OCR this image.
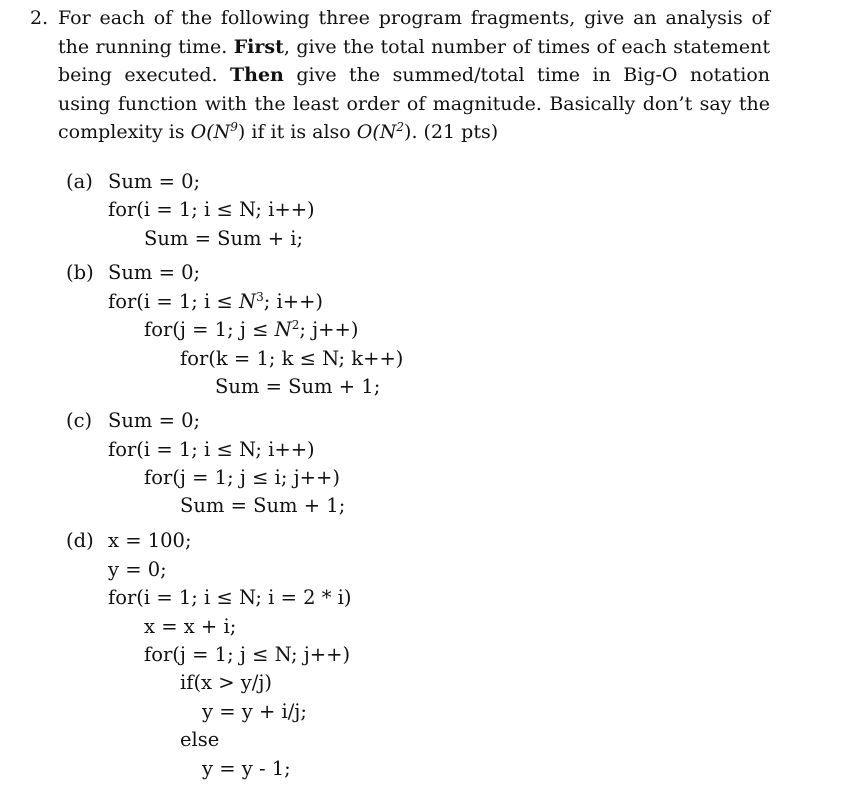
2. For each of the following three program fragments, give an analysis of the running time. First, give the total number of times of each statement being executed. Then give the summed/total time in Big-O notation using function with the least order of magnitude. Basically don’t say the complexity is $O(N^9)$ if it is also $O(N^2)$. (21 pts)
(a) Sum = 0;
for(i = 1; i ≤ N; i++)
Sum = Sum + i;
(b) Sum = 0;
for(i = 1; $i \le N^3$; i++)
for(j = 1; $j \le N^2$; j++)
for(k = 1; k ≤ N; k++)
Sum = Sum + 1;
(c) Sum = 0;
for(i = 1; i ≤ N; i++)
for(j = 1; j ≤ i; j++)
Sum = Sum + 1;
(d) x = 100;
y = 0;
for(i = 1; i ≤ N; i = 2 * i)
x = x + i;
for(j = 1; j ≤ N; j++)
if(x > y/j)
y = y + i/j;
else
y = y - 1;
